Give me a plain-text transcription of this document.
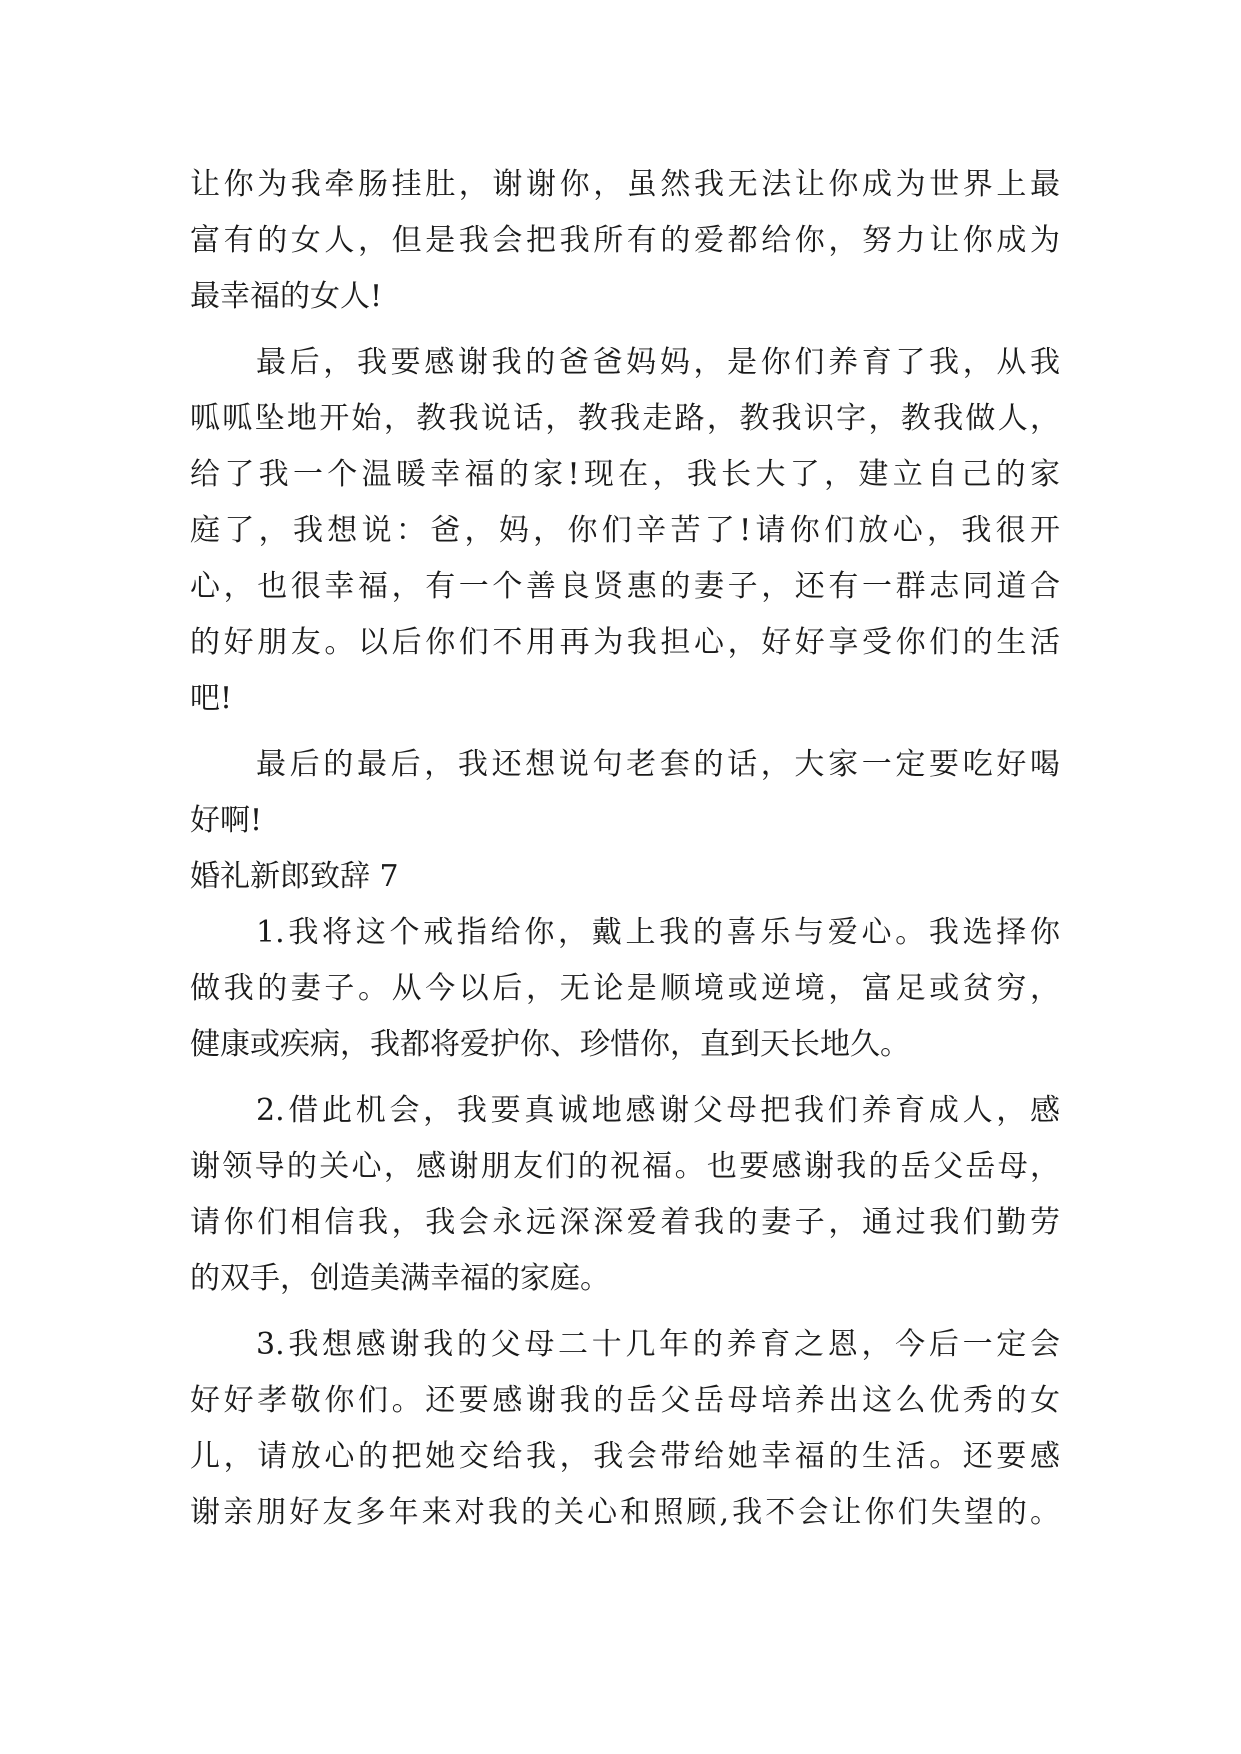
让你为我牵肠挂肚，谢谢你，虽然我无法让你成为世界上最
富有的女人，但是我会把我所有的爱都给你，努力让你成为
最幸福的女人!
最后，我要感谢我的爸爸妈妈，是你们养育了我，从我
呱呱坠地开始，教我说话，教我走路，教我识字，教我做人，
给了我一个温暖幸福的家!现在，我长大了，建立自己的家
庭了，我想说：爸，妈，你们辛苦了!请你们放心，我很开
心，也很幸福，有一个善良贤惠的妻子，还有一群志同道合
的好朋友。以后你们不用再为我担心，好好享受你们的生活
吧!
最后的最后，我还想说句老套的话，大家一定要吃好喝
好啊!
婚礼新郎致辞 7
1.我将这个戒指给你，戴上我的喜乐与爱心。我选择你
做我的妻子。从今以后，无论是顺境或逆境，富足或贫穷，
健康或疾病，我都将爱护你、珍惜你，直到天长地久。
2.借此机会，我要真诚地感谢父母把我们养育成人，感
谢领导的关心，感谢朋友们的祝福。也要感谢我的岳父岳母，
请你们相信我，我会永远深深爱着我的妻子，通过我们勤劳
的双手，创造美满幸福的家庭。
3.我想感谢我的父母二十几年的养育之恩，今后一定会
好好孝敬你们。还要感谢我的岳父岳母培养出这么优秀的女
儿，请放心的把她交给我，我会带给她幸福的生活。还要感
谢亲朋好友多年来对我的关心和照顾,我不会让你们失望的。
